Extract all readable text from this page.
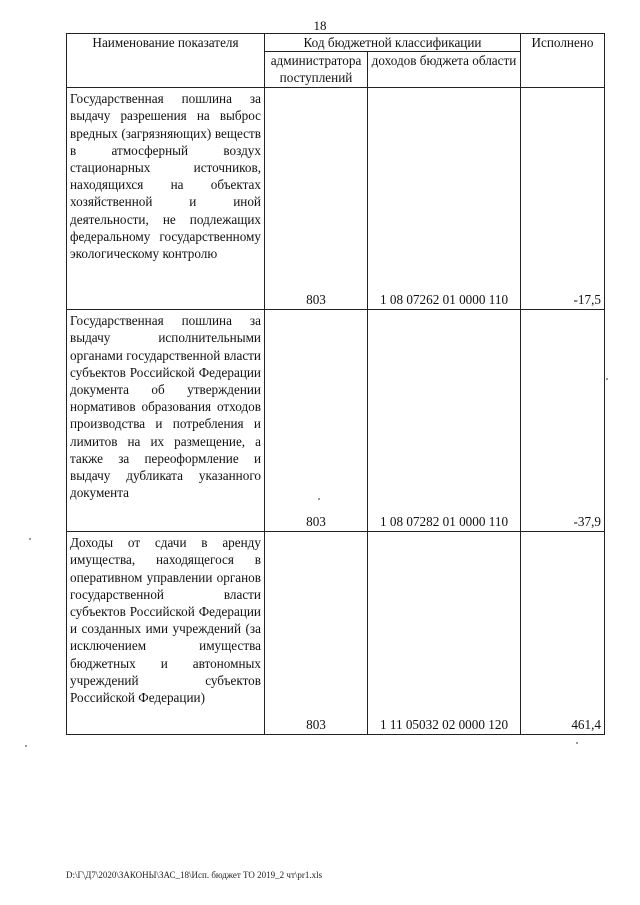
18
Наименование показателя	Код бюджетной классификации		Исполнено
	администратора поступлений	доходов бюджета области	
Государственная пошлина за выдачу разрешения на выброс вредных (загрязняющих) веществ в атмосферный воздух стационарных источников, находящихся на объектах хозяйственной и иной деятельности, не подлежащих федеральному государственному экологическому контролю	803	1 08 07262 01 0000 110	-17,5
Государственная пошлина за выдачу исполнительными органами государственной власти субъектов Российской Федерации документа об утверждении нормативов образования отходов производства и потребления и лимитов на их размещение, а также за переоформление и выдачу дубликата указанного документа	803	1 08 07282 01 0000 110	-37,9
Доходы от сдачи в аренду имущества, находящегося в оперативном управлении органов государственной власти субъектов Российской Федерации и созданных ими учреждений (за исключением имущества бюджетных и автономных учреждений субъектов Российской Федерации)	803	1 11 05032 02 0000 120	461,4
D:\Г\Д7\2020\ЗАКОНЫ\ЗАС_18\Исп. бюджет ТО 2019_2 чт\pr1.xls
